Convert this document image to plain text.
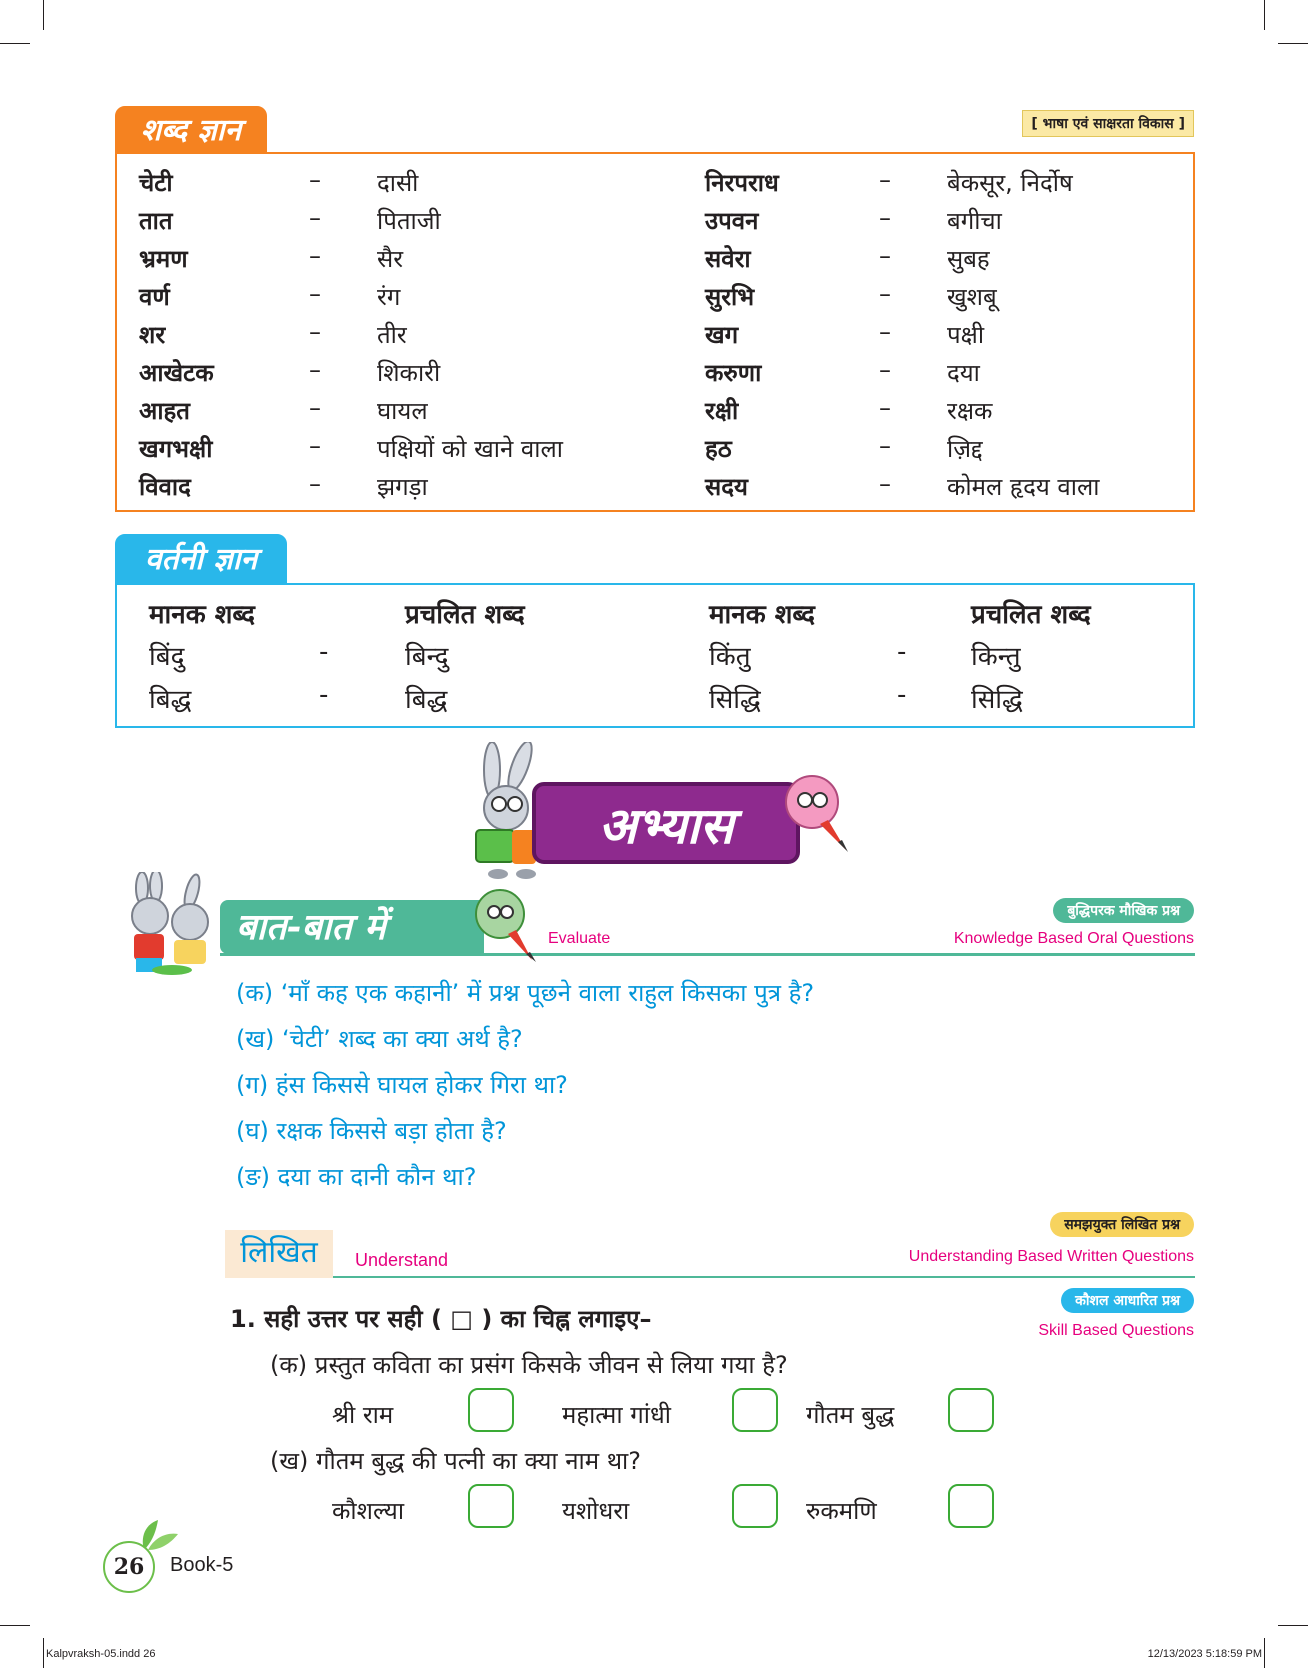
शब्द ज्ञान	[ भाषा एवं साक्षरता विकास ]
चेटी	– दासी	निरपराध	– बेकसूर, निर्दोष
तात	– पिताजी	उपवन	– बगीचा
भ्रमण	– सैर	सवेरा	– सुबह
वर्ण	– रंग	सुरभि	– खुशबू
शर	– तीर	खग	– पक्षी
आखेटक	– शिकारी	करुणा	– दया
आहत	– घायल	रक्षी	– रक्षक
खगभक्षी	– पक्षियों को खाने वाला	हठ	– ज़िद्द
विवाद	– झगड़ा	सदय	– कोमल हृदय वाला
वर्तनी ज्ञान
मानक शब्द	प्रचलित शब्द	मानक शब्द	प्रचलित शब्द
बिंदु	-	बिन्दु	किंतु	- किन्तु
बिद्ध	-	बिद्ध	सिद्धि	- सिद्धि
अभ्यास
बात-बात में	Evaluate
बुद्धिपरक मौखिक प्रश्न
Knowledge Based Oral Questions
(क) ‘माँ कह एक कहानी’ में प्रश्न पूछने वाला राहुल किसका पुत्र है?
(ख) ‘चेटी’ शब्द का क्या अर्थ है?
(ग) हंस किससे घायल होकर गिरा था?
(घ) रक्षक किससे बड़ा होता है?
(ङ) दया का दानी कौन था?
लिखित	Understand
समझयुक्त लिखित प्रश्न
Understanding Based Written Questions
कौशल आधारित प्रश्न
Skill Based Questions
1. सही उत्तर पर सही ( □ ) का चिह्न लगाइए–
(क) प्रस्तुत कविता का प्रसंग किसके जीवन से लिया गया है?
श्री राम	महात्मा गांधी	गौतम बुद्ध
(ख) गौतम बुद्ध की पत्नी का क्या नाम था?
कौशल्या	यशोधरा	रुकमणि
26	Book-5
Kalpvraksh-05.indd 26	12/13/2023 5:18:59 PM
